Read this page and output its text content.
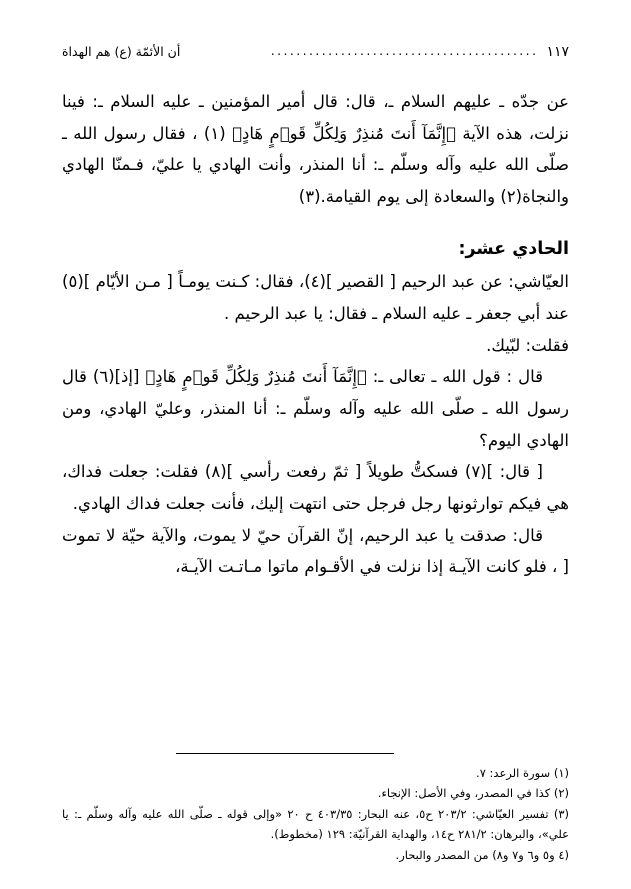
أن الأئمّة (ع) هم الهداة	.......................................... ١١٧

عن جدّه ـ عليهم السلام ـ، قال: قال أمير المؤمنين ـ عليه السلام ـ: فينا نزلت، هذه الآية ﴿إِنَّمَآ أَنتَ مُنذِرٌ وَلِكُلِّ قَوۡمٍ هَادٍ﴾ (١) ، فقال رسول الله ـ صلّى الله عليه وآله وسلّم ـ: أنا المنذر، وأنت الهادي يا عليّ، فـمنّا الهادي والنجاة(٢) والسعادة إلى يوم القيامة.(٣)

الحادي عشر:

العيّاشي: عن عبد الرحيم [ القصير ](٤)، فقال: كـنت يومـاً [ مـن الأيّام ](٥) عند أبي جعفر ـ عليه السلام ـ فقال: يا عبد الرحيم .

فقلت: لبّيك.

قال : قول الله ـ تعالى ـ: ﴿إِنَّمَآ أَنتَ مُنذِرٌ وَلِكُلِّ قَوۡمٍ هَادٍ﴾ [إذ](٦) قال رسول الله ـ صلّى الله عليه وآله وسلّم ـ: أنا المنذر، وعليّ الهادي، ومن الهادي اليوم؟

[ قال: ](٧) فسكتُّ طويلاً [ ثمّ رفعت رأسي ](٨) فقلت: جعلت فداك، هي فيكم توارثونها رجل فرجل حتى انتهت إليك، فأنت جعلت فداك الهادي.

قال: صدقت يا عبد الرحيم، إنّ القرآن حيّ لا يموت، والآية حيّة لا تموت [ ، فلو كانت الآيـة إذا نزلت في الأقـوام ماتوا مـاتـت الآيـة،

(١) سورة الرعد: ٧.

(٢) كذا في المصدر، وفي الأصل: الإنجاء.

(٣) تفسير العيّاشي: ٢٠٣/٢ ح٥، عنه البحار: ٤٠٣/٣٥ ح ٢٠ «وإلى قوله ـ صلّى الله عليه وآله وسلّم ـ: يا علي»، والبرهان: ٢٨١/٢ ح١٤، والهداية القرآنيّة: ١٢٩ (مخطوط).

(٤ و٥ و٦ و٧ و٨) من المصدر والبحار.
